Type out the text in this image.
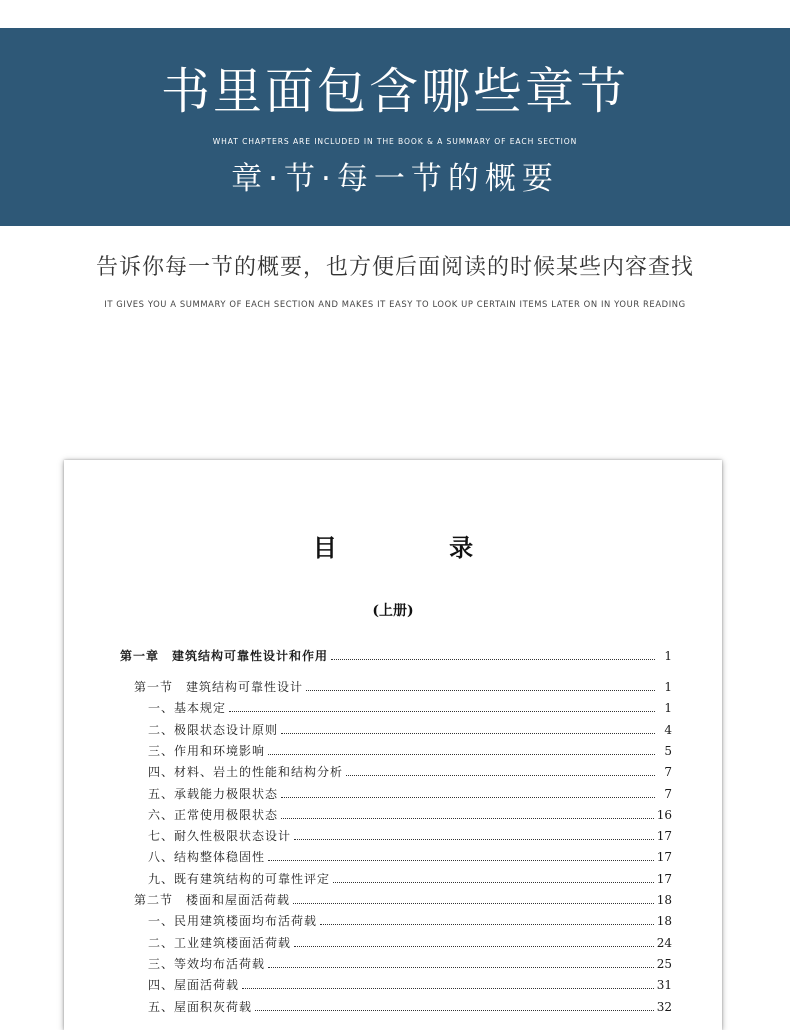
书里面包含哪些章节
WHAT CHAPTERS ARE INCLUDED IN THE BOOK & A SUMMARY OF EACH SECTION
章·节·每一节的概要
告诉你每一节的概要，也方便后面阅读的时候某些内容查找
IT GIVES YOU A SUMMARY OF EACH SECTION AND MAKES IT EASY TO LOOK UP CERTAIN ITEMS LATER ON IN YOUR READING
目 录
(上册)
第一章　建筑结构可靠性设计和作用	1
第一节　建筑结构可靠性设计	1
一、基本规定	1
二、极限状态设计原则	4
三、作用和环境影响	5
四、材料、岩土的性能和结构分析	7
五、承载能力极限状态	7
六、正常使用极限状态	16
七、耐久性极限状态设计	17
八、结构整体稳固性	17
九、既有建筑结构的可靠性评定	17
第二节　楼面和屋面活荷载	18
一、民用建筑楼面均布活荷载	18
二、工业建筑楼面活荷载	24
三、等效均布活荷载	25
四、屋面活荷载	31
五、屋面积灰荷载	32
